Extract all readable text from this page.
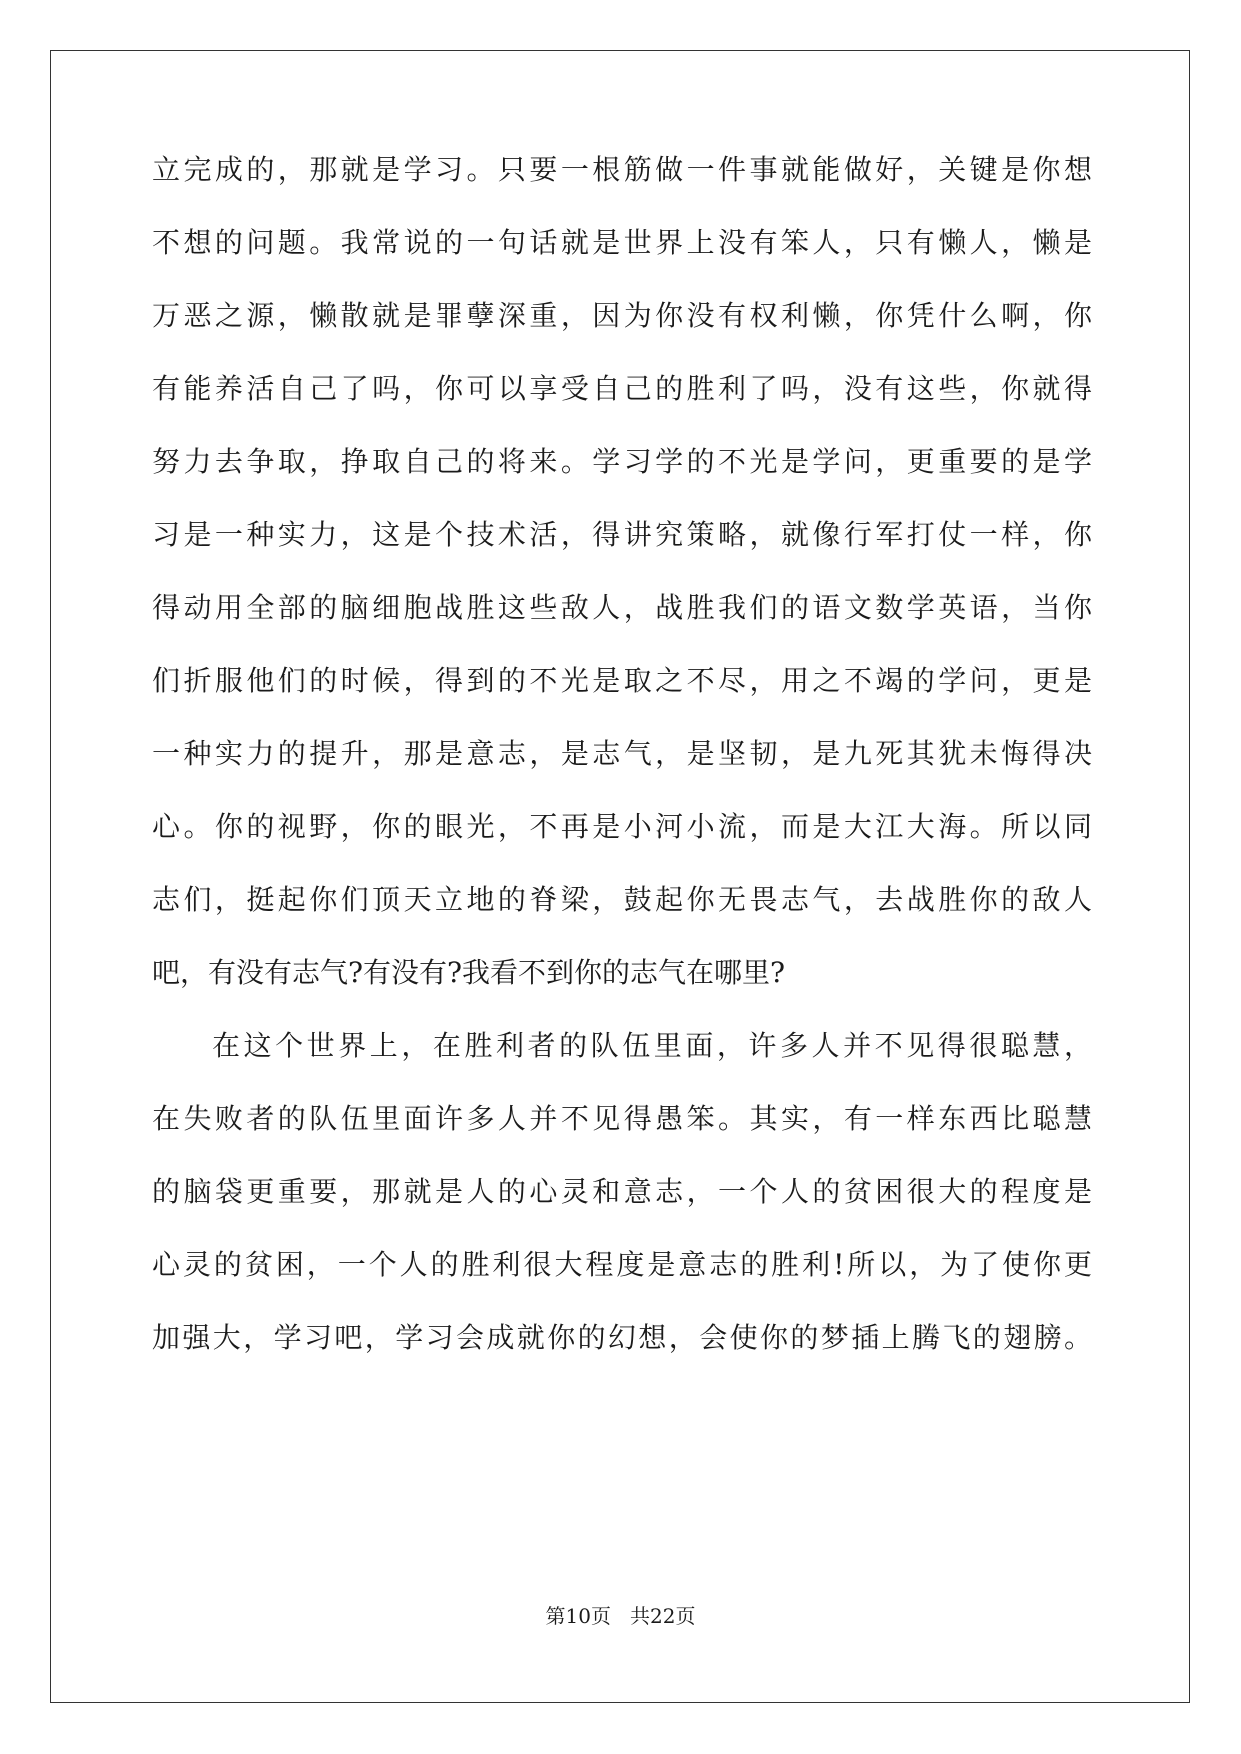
立完成的，那就是学习。只要一根筋做一件事就能做好，关键是你想
不想的问题。我常说的一句话就是世界上没有笨人，只有懒人，懒是
万恶之源，懒散就是罪孽深重，因为你没有权利懒，你凭什么啊，你
有能养活自己了吗，你可以享受自己的胜利了吗，没有这些，你就得
努力去争取，挣取自己的将来。学习学的不光是学问，更重要的是学
习是一种实力，这是个技术活，得讲究策略，就像行军打仗一样，你
得动用全部的脑细胞战胜这些敌人，战胜我们的语文数学英语，当你
们折服他们的时候，得到的不光是取之不尽，用之不竭的学问，更是
一种实力的提升，那是意志，是志气，是坚韧，是九死其犹未悔得决
心。你的视野，你的眼光，不再是小河小流，而是大江大海。所以同
志们，挺起你们顶天立地的脊梁，鼓起你无畏志气，去战胜你的敌人
吧，有没有志气?有没有?我看不到你的志气在哪里?
在这个世界上，在胜利者的队伍里面，许多人并不见得很聪慧，
在失败者的队伍里面许多人并不见得愚笨。其实，有一样东西比聪慧
的脑袋更重要，那就是人的心灵和意志，一个人的贫困很大的程度是
心灵的贫困，一个人的胜利很大程度是意志的胜利!所以，为了使你更
加强大，学习吧，学习会成就你的幻想，会使你的梦插上腾飞的翅膀。
第10页   共22页
